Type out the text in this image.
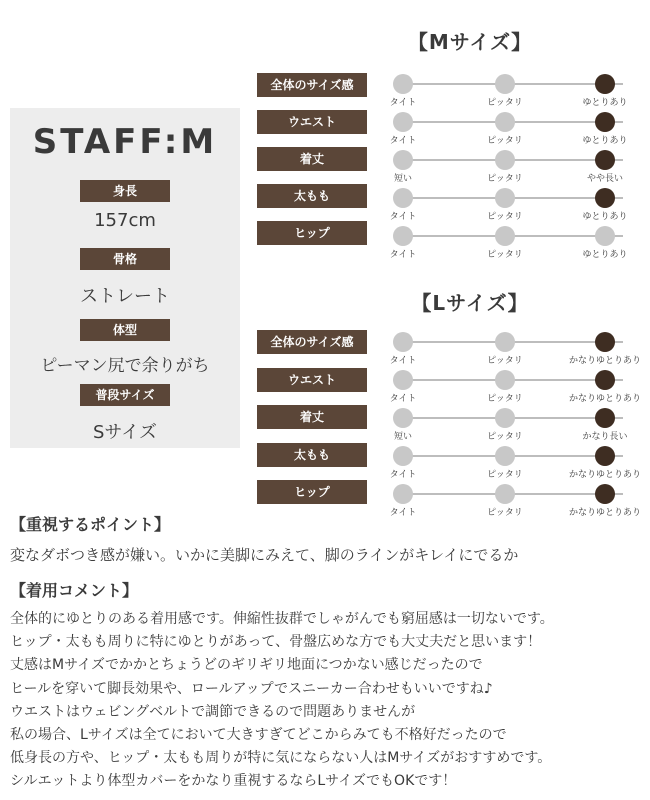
STAFF:M
身長
157cm
骨格
ストレート
体型
ピーマン尻で余りがち
普段サイズ
Sサイズ
【Mサイズ】
全体のサイズ感
タイト	ピッタリ	ゆとりあり
ウエスト
タイト	ピッタリ	ゆとりあり
着丈
短い	ピッタリ	やや長い
太もも
タイト	ピッタリ	ゆとりあり
ヒップ
タイト	ピッタリ	ゆとりあり
【Lサイズ】
全体のサイズ感
タイト	ピッタリ	かなりゆとりあり
ウエスト
タイト	ピッタリ	かなりゆとりあり
着丈
短い	ピッタリ	かなり長い
太もも
タイト	ピッタリ	かなりゆとりあり
ヒップ
タイト	ピッタリ	かなりゆとりあり
【重視するポイント】
変なダボつき感が嫌い。いかに美脚にみえて、脚のラインがキレイにでるか
【着用コメント】
全体的にゆとりのある着用感です。伸縮性抜群でしゃがんでも窮屈感は一切ないです。
ヒップ・太もも周りに特にゆとりがあって、骨盤広めな方でも大丈夫だと思います！
丈感はMサイズでかかとちょうどのギリギリ地面につかない感じだったので
ヒールを穿いて脚長効果や、ロールアップでスニーカー合わせもいいですね♪
ウエストはウェビングベルトで調節できるので問題ありませんが
私の場合、Lサイズは全てにおいて大きすぎてどこからみても不格好だったので
低身長の方や、ヒップ・太もも周りが特に気にならない人はMサイズがおすすめです。
シルエットより体型カバーをかなり重視するならLサイズでもOKです！
